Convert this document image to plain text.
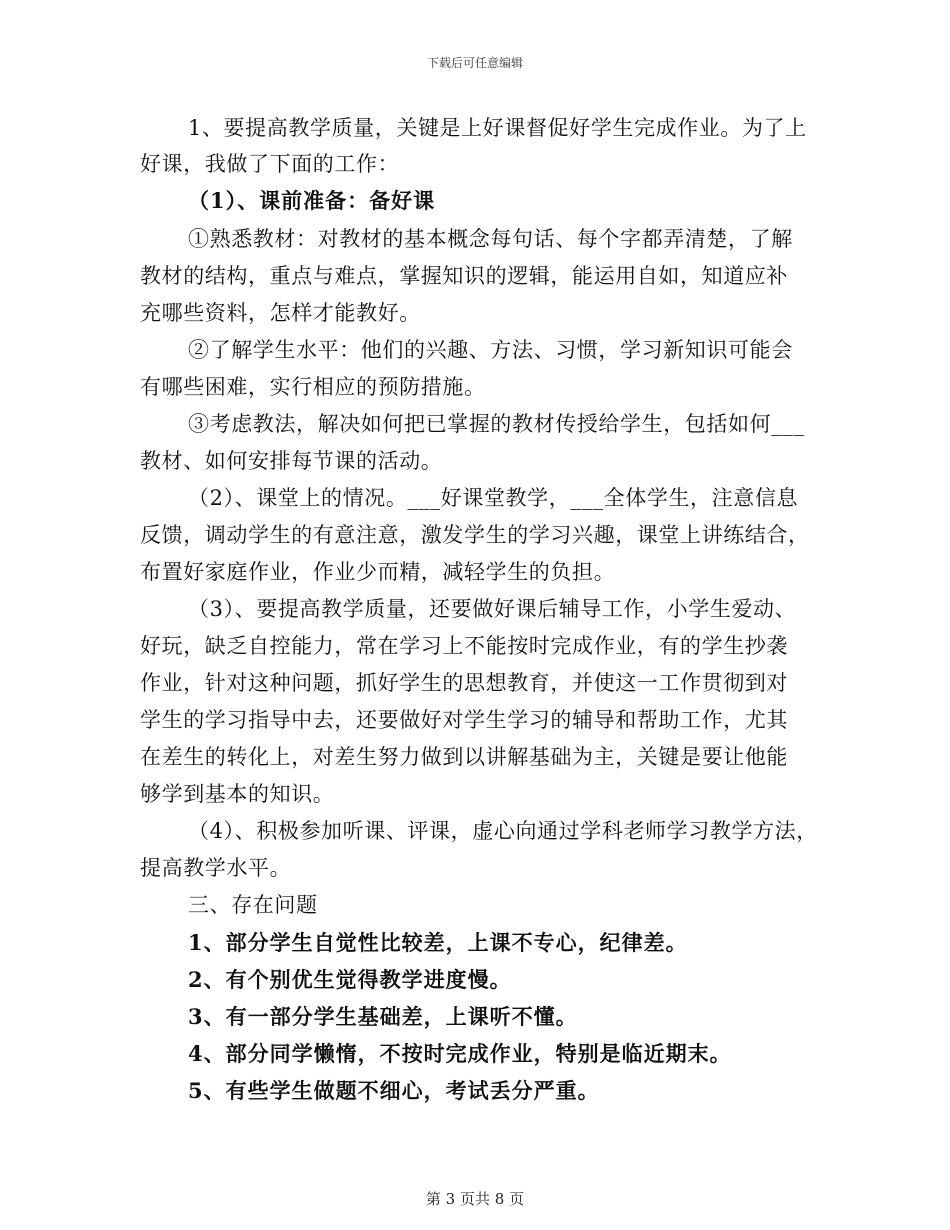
下载后可任意编辑
1、要提高教学质量，关键是上好课督促好学生完成作业。为了上
好课，我做了下面的工作：
（1）、课前准备：备好课
①熟悉教材：对教材的基本概念每句话、每个字都弄清楚，了解
教材的结构，重点与难点，掌握知识的逻辑，能运用自如，知道应补
充哪些资料，怎样才能教好。
②了解学生水平：他们的兴趣、方法、习惯，学习新知识可能会
有哪些困难，实行相应的预防措施。
③考虑教法，解决如何把已掌握的教材传授给学生，包括如何___
教材、如何安排每节课的活动。
（2）、课堂上的情况。___好课堂教学，___全体学生，注意信息
反馈，调动学生的有意注意，激发学生的学习兴趣，课堂上讲练结合，
布置好家庭作业，作业少而精，减轻学生的负担。
（3）、要提高教学质量，还要做好课后辅导工作，小学生爱动、
好玩，缺乏自控能力，常在学习上不能按时完成作业，有的学生抄袭
作业，针对这种问题，抓好学生的思想教育，并使这一工作贯彻到对
学生的学习指导中去，还要做好对学生学习的辅导和帮助工作，尤其
在差生的转化上，对差生努力做到以讲解基础为主，关键是要让他能
够学到基本的知识。
（4）、积极参加听课、评课，虚心向通过学科老师学习教学方法，
提高教学水平。
三、存在问题
1、部分学生自觉性比较差，上课不专心，纪律差。
2、有个别优生觉得教学进度慢。
3、有一部分学生基础差，上课听不懂。
4、部分同学懒惰，不按时完成作业，特别是临近期末。
5、有些学生做题不细心，考试丢分严重。
第 3 页共 8 页
